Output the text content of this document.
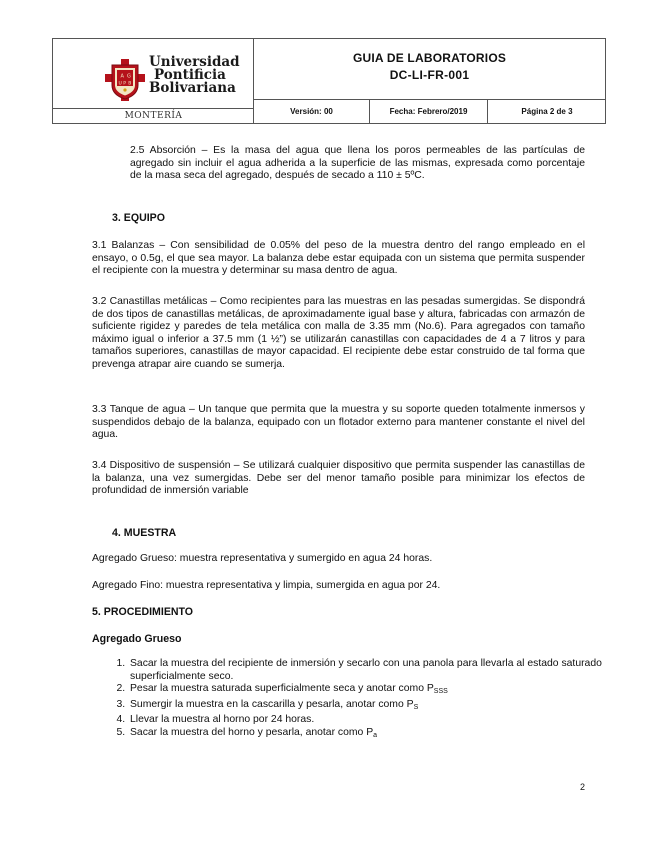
A G
U P B
Universidad
Pontificia
Bolivariana
MONTERÍA
GUIA DE LABORATORIOS
DC-LI-FR-001
Versión: 00	Fecha: Febrero/2019	Página 2 de 3
2.5 Absorción – Es la masa del agua que llena los poros permeables de las partículas de agregado sin incluir el agua adherida a la superficie de las mismas, expresada como porcentaje de la masa seca del agregado, después de secado a 110 ± 5ºC.
3. EQUIPO
3.1 Balanzas – Con sensibilidad de 0.05% del peso de la muestra dentro del rango empleado en el ensayo, o 0.5g, el que sea mayor. La balanza debe estar equipada con un sistema que permita suspender el recipiente con la muestra y determinar su masa dentro de agua.
3.2 Canastillas metálicas – Como recipientes para las muestras en las pesadas sumergidas. Se dispondrá de dos tipos de canastillas metálicas, de aproximadamente igual base y altura, fabricadas con armazón de suficiente rigidez y paredes de tela metálica con malla de 3.35 mm (No.6). Para agregados con tamaño máximo igual o inferior a 37.5 mm (1 ½”) se utilizarán canastillas con capacidades de 4 a 7 litros y para tamaños superiores, canastillas de mayor capacidad. El recipiente debe estar construido de tal forma que prevenga atrapar aire cuando se sumerja.
3.3 Tanque de agua – Un tanque que permita que la muestra y su soporte queden totalmente inmersos y suspendidos debajo de la balanza, equipado con un flotador externo para mantener constante el nivel del agua.
3.4 Dispositivo de suspensión – Se utilizará cualquier dispositivo que permita suspender las canastillas de la balanza, una vez sumergidas. Debe ser del menor tamaño posible para minimizar los efectos de profundidad de inmersión variable
4. MUESTRA
Agregado Grueso: muestra representativa y sumergido en agua 24 horas.
Agregado Fino: muestra representativa y limpia, sumergida en agua por 24.
5. PROCEDIMIENTO
Agregado Grueso
1. Sacar la muestra del recipiente de inmersión y secarlo con una panola para llevarla al estado saturado superficialmente seco.
2. Pesar la muestra saturada superficialmente seca y anotar como $P_{SSS}$
3. Sumergir la muestra en la cascarilla y pesarla, anotar como $P_S$
4. Llevar la muestra al horno por 24 horas.
5. Sacar la muestra del horno y pesarla, anotar como $P_a$
2
